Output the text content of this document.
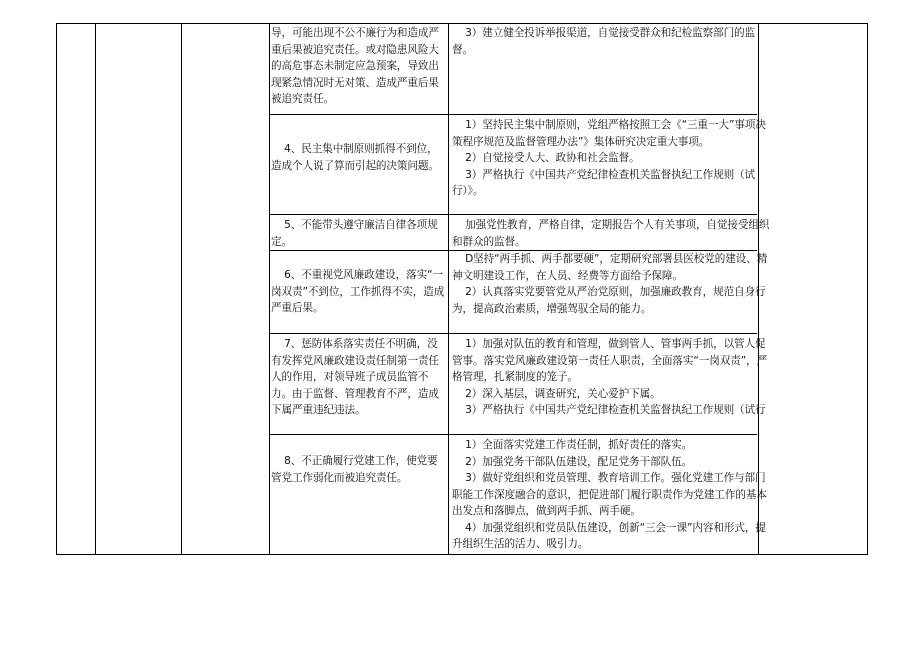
导，可能出现不公不廉行为和造成严重后果被追究责任。或对隐患风险大的高危事态未制定应急预案，导致出现紧急情况时无对策、造成严重后果被追究责任。
3）建立健全投诉举报渠道，自觉接受群众和纪检监察部门的监督。
4、民主集中制原则抓得不到位，造成个人说了算而引起的决策问题。
1）坚持民主集中制原则，党组严格按照工会《“三重一大”事项决策程序规范及监督管理办法”》集体研究决定重大事项。
2）自觉接受人大、政协和社会监督。
3）严格执行《中国共产党纪律检查机关监督执纪工作规则（试行）》。
5、不能带头遵守廉洁自律各项规定。
加强党性教育，严格自律，定期报告个人有关事项，自觉接受组织和群众的监督。
6、不重视党风廉政建设，落实“一岗双责”不到位，工作抓得不实，造成严重后果。
D坚持“两手抓、两手都要硬”，定期研究部署县医校党的建设、精神文明建设工作，在人员、经费等方面给予保障。
2）认真落实党要管党从严治党原则，加强廉政教育，规范自身行为，提高政治素质，增强驾驭全局的能力。
7、惩防体系落实责任不明确，没有发挥党风廉政建设责任制第一责任人的作用，对领导班子成员监管不力。由于监督、管理教育不严，造成下属严重违纪违法。
1）加强对队伍的教育和管理，做到管人、管事两手抓，以管人促管事。落实党风廉政建设第一责任人职责，全面落实“一岗双责”，严格管理，扎紧制度的笼子。
2）深入基层，调查研究，关心爱护下属。
3）严格执行《中国共产党纪律检查机关监督执纪工作规则（试行
8、不正确履行党建工作，使党要管党工作弱化而被追究责任。
1）全面落实党建工作责任制，抓好责任的落实。
2）加强党务干部队伍建设，配足党务干部队伍。
3）做好党组织和党员管理、教育培训工作。强化党建工作与部门职能工作深度融合的意识，把促进部门履行职责作为党建工作的基本出发点和落脚点，做到两手抓、两手硬。
4）加强党组织和党员队伍建设，创新“三会一课”内容和形式，提升组织生活的活力、吸引力。
